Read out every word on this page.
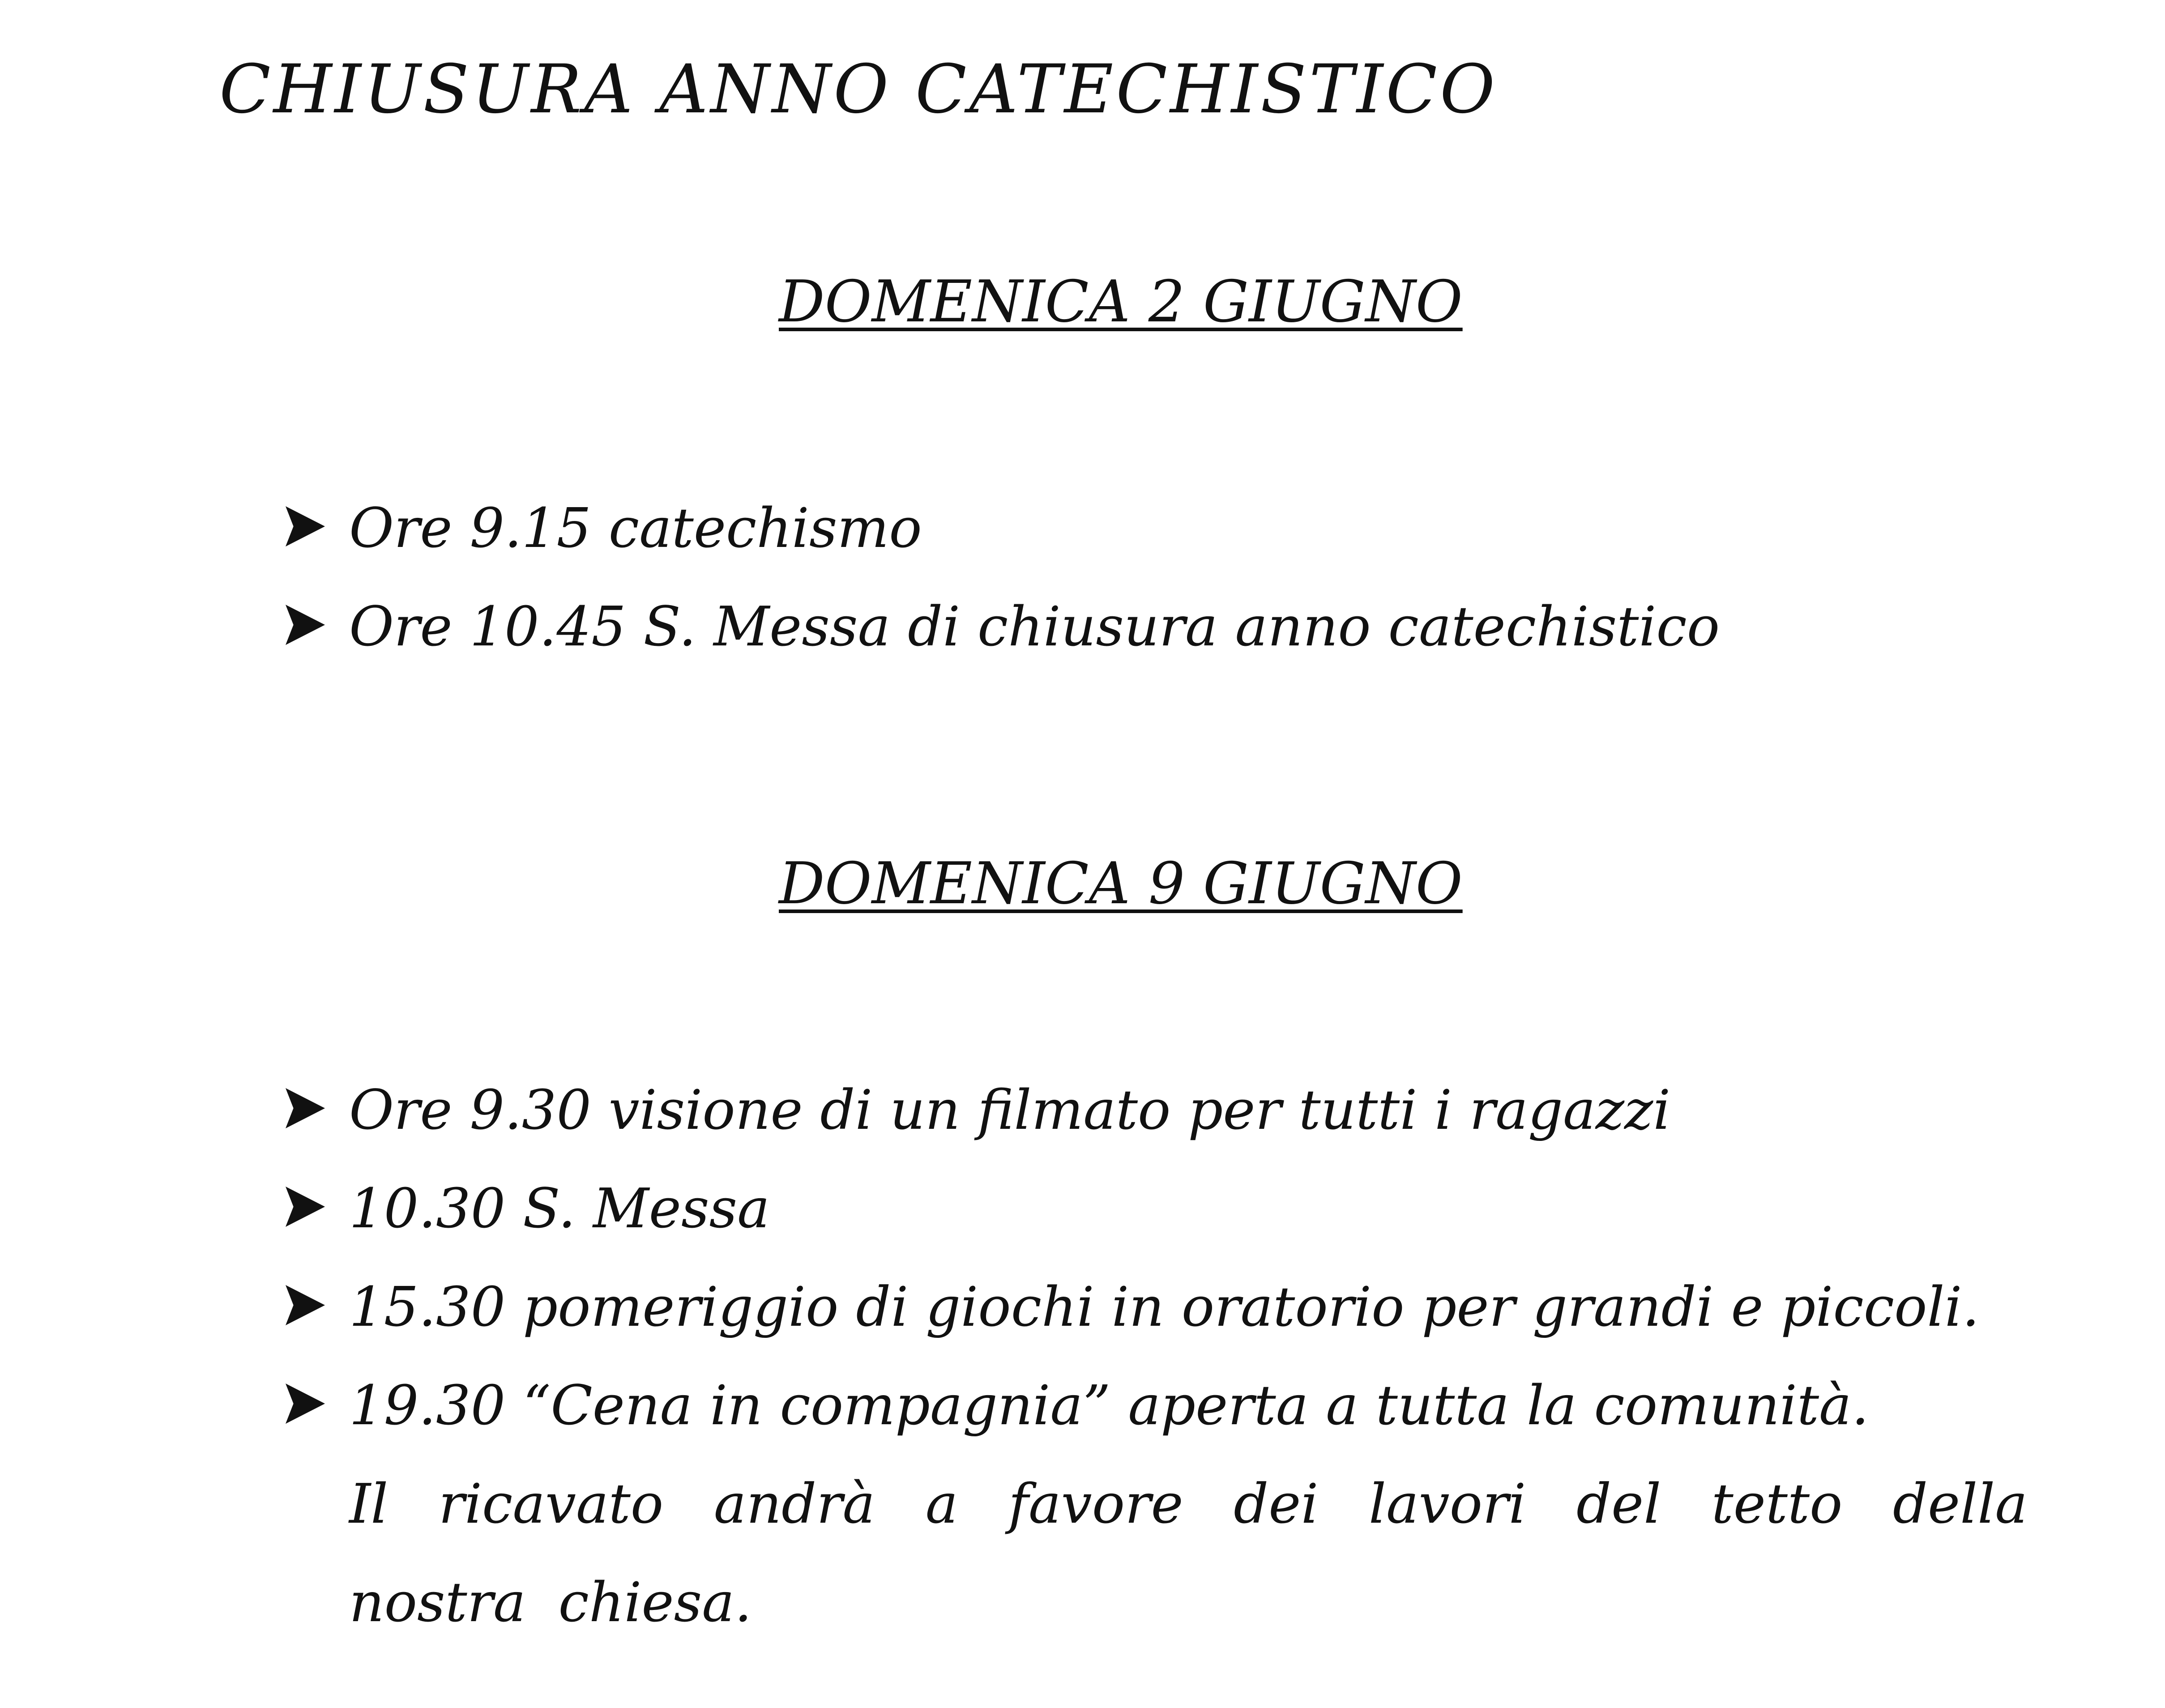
CHIUSURA ANNO CATECHISTICO
DOMENICA 2 GIUGNO
Ore 9.15 catechismo
Ore 10.45 S. Messa di chiusura anno catechistico
DOMENICA 9 GIUGNO
Ore 9.30 visione di un filmato per tutti i ragazzi
10.30 S. Messa
15.30 pomeriggio di giochi in oratorio per grandi e piccoli.
19.30 “Cena in compagnia” aperta a tutta la comunità.
Il ricavato andrà a favore dei lavori del tetto della nostra chiesa.
